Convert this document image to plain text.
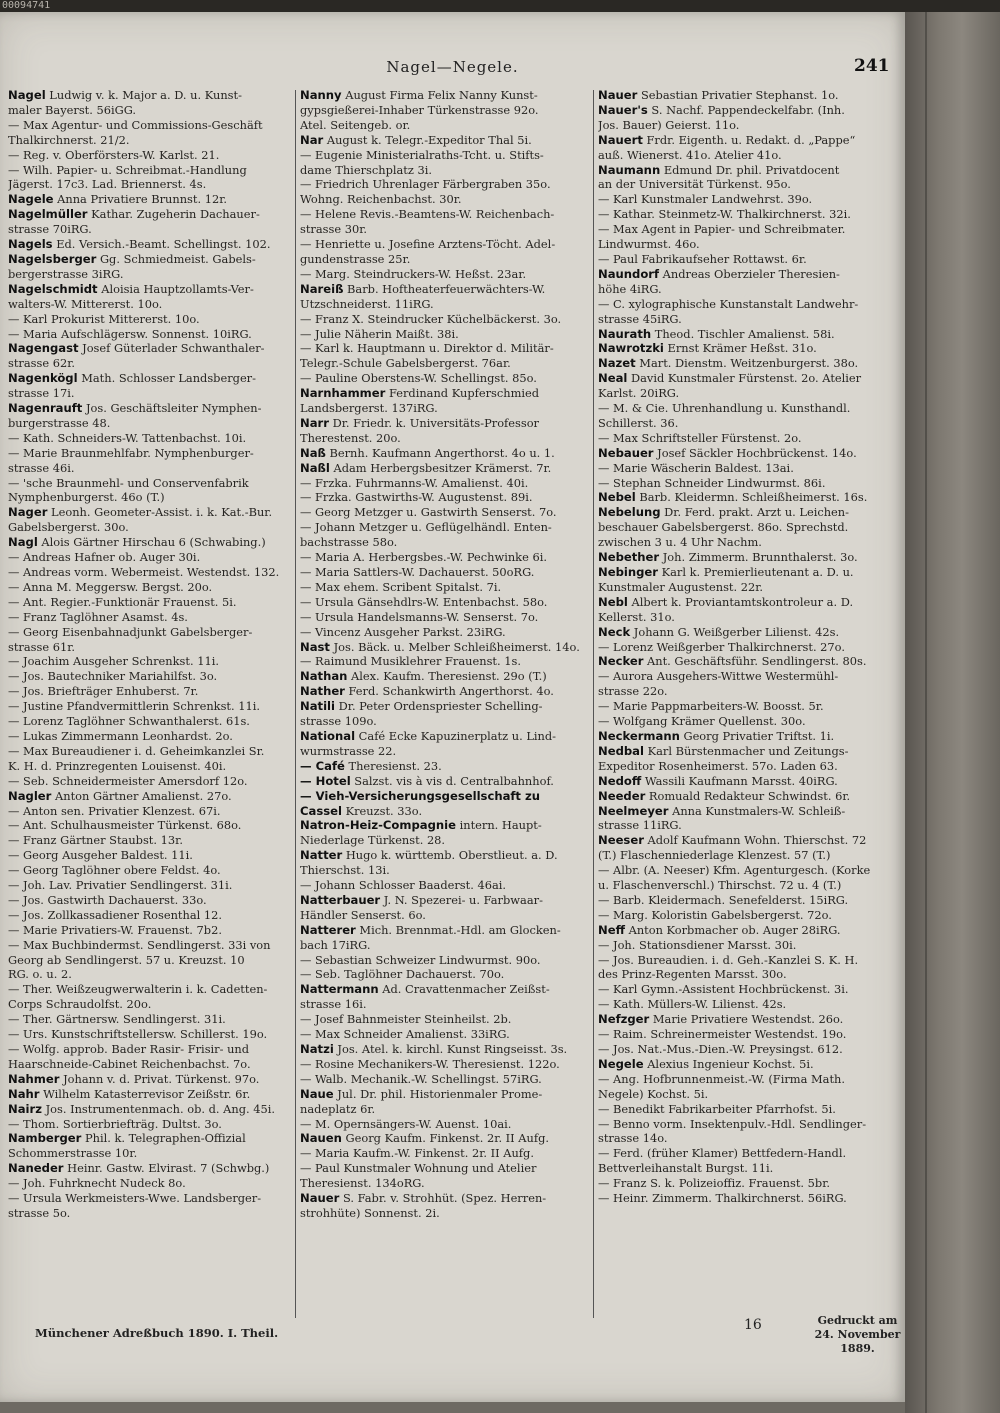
00094741
Nagel—Negele.	241
Nagel Ludwig v. k. Major a. D. u. Kunst-
maler Bayerst. 56iGG.
— Max Agentur- und Commissions-Geschäft
Thalkirchnerst. 21/2.
— Reg. v. Oberförsters-W. Karlst. 21.
— Wilh. Papier- u. Schreibmat.-Handlung
Jägerst. 17c3. Lad. Briennerst. 4s.
Nagele Anna Privatiere Brunnst. 12r.
Nagelmüller Kathar. Zugeherin Dachauer-
strasse 70iRG.
Nagels Ed. Versich.-Beamt. Schellingst. 102.
Nagelsberger Gg. Schmiedmeist. Gabels-
bergerstrasse 3iRG.
Nagelschmidt Aloisia Hauptzollamts-Ver-
walters-W. Mittererst. 10o.
— Karl Prokurist Mittererst. 10o.
— Maria Aufschlägersw. Sonnenst. 10iRG.
Nagengast Josef Güterlader Schwanthaler-
strasse 62r.
Nagenkögl Math. Schlosser Landsberger-
strasse 17i.
Nagenrauft Jos. Geschäftsleiter Nymphen-
burgerstrasse 48.
— Kath. Schneiders-W. Tattenbachst. 10i.
— Marie Braunmehlfabr. Nymphenburger-
strasse 46i.
— 'sche Braunmehl- und Conservenfabrik
Nymphenburgerst. 46o (T.)
Nager Leonh. Geometer-Assist. i. k. Kat.-Bur.
Gabelsbergerst. 30o.
Nagl Alois Gärtner Hirschau 6 (Schwabing.)
— Andreas Hafner ob. Auger 30i.
— Andreas vorm. Webermeist. Westendst. 132.
— Anna M. Meggersw. Bergst. 20o.
— Ant. Regier.-Funktionär Frauenst. 5i.
— Franz Taglöhner Asamst. 4s.
— Georg Eisenbahnadjunkt Gabelsberger-
strasse 61r.
— Joachim Ausgeher Schrenkst. 11i.
— Jos. Bautechniker Mariahilfst. 3o.
— Jos. Briefträger Enhuberst. 7r.
— Justine Pfandvermittlerin Schrenkst. 11i.
— Lorenz Taglöhner Schwanthalerst. 61s.
— Lukas Zimmermann Leonhardst. 2o.
— Max Bureaudiener i. d. Geheimkanzlei Sr.
K. H. d. Prinzregenten Louisenst. 40i.
— Seb. Schneidermeister Amersdorf 12o.
Nagler Anton Gärtner Amalienst. 27o.
— Anton sen. Privatier Klenzest. 67i.
— Ant. Schulhausmeister Türkenst. 68o.
— Franz Gärtner Staubst. 13r.
— Georg Ausgeher Baldest. 11i.
— Georg Taglöhner obere Feldst. 4o.
— Joh. Lav. Privatier Sendlingerst. 31i.
— Jos. Gastwirth Dachauerst. 33o.
— Jos. Zollkassadiener Rosenthal 12.
— Marie Privatiers-W. Frauenst. 7b2.
— Max Buchbindermst. Sendlingerst. 33i von
Georg ab Sendlingerst. 57 u. Kreuzst. 10
RG. o. u. 2.
— Ther. Weißzeugwerwalterin i. k. Cadetten-
Corps Schraudolfst. 20o.
— Ther. Gärtnersw. Sendlingerst. 31i.
— Urs. Kunstschriftstellersw. Schillerst. 19o.
— Wolfg. approb. Bader Rasir- Frisir- und
Haarschneide-Cabinet Reichenbachst. 7o.
Nahmer Johann v. d. Privat. Türkenst. 97o.
Nahr Wilhelm Katasterrevisor Zeißstr. 6r.
Nairz Jos. Instrumentenmach. ob. d. Ang. 45i.
— Thom. Sortierbriefträg. Dultst. 3o.
Namberger Phil. k. Telegraphen-Offizial
Schommerstrasse 10r.
Naneder Heinr. Gastw. Elvirast. 7 (Schwbg.)
— Joh. Fuhrknecht Nudeck 8o.
— Ursula Werkmeisters-Wwe. Landsberger-
strasse 5o.
Nanny August Firma Felix Nanny Kunst-
gypsgießerei-Inhaber Türkenstrasse 92o.
Atel. Seitengeb. or.
Nar August k. Telegr.-Expeditor Thal 5i.
— Eugenie Ministerialraths-Tcht. u. Stifts-
dame Thierschplatz 3i.
— Friedrich Uhrenlager Färbergraben 35o.
Wohng. Reichenbachst. 30r.
— Helene Revis.-Beamtens-W. Reichenbach-
strasse 30r.
— Henriette u. Josefine Arztens-Töcht. Adel-
gundenstrasse 25r.
— Marg. Steindruckers-W. Heßst. 23ar.
Nareiß Barb. Hoftheaterfeuerwächters-W.
Utzschneiderst. 11iRG.
— Franz X. Steindrucker Küchelbäckerst. 3o.
— Julie Näherin Maißt. 38i.
— Karl k. Hauptmann u. Direktor d. Militär-
Telegr.-Schule Gabelsbergerst. 76ar.
— Pauline Oberstens-W. Schellingst. 85o.
Narnhammer Ferdinand Kupferschmied
Landsbergerst. 137iRG.
Narr Dr. Friedr. k. Universitäts-Professor
Therestenst. 20o.
Naß Bernh. Kaufmann Angerthorst. 4o u. 1.
Naßl Adam Herbergsbesitzer Krämerst. 7r.
— Frzka. Fuhrmanns-W. Amalienst. 40i.
— Frzka. Gastwirths-W. Augustenst. 89i.
— Georg Metzger u. Gastwirth Senserst. 7o.
— Johann Metzger u. Geflügelhändl. Enten-
bachstrasse 58o.
— Maria A. Herbergsbes.-W. Pechwinke 6i.
— Maria Sattlers-W. Dachauerst. 50oRG.
— Max ehem. Scribent Spitalst. 7i.
— Ursula Gänsehdlrs-W. Entenbachst. 58o.
— Ursula Handelsmanns-W. Senserst. 7o.
— Vincenz Ausgeher Parkst. 23iRG.
Nast Jos. Bäck. u. Melber Schleißheimerst. 14o.
— Raimund Musiklehrer Frauenst. 1s.
Nathan Alex. Kaufm. Theresienst. 29o (T.)
Nather Ferd. Schankwirth Angerthorst. 4o.
Natili Dr. Peter Ordenspriester Schelling-
strasse 109o.
National Café Ecke Kapuzinerplatz u. Lind-
wurmstrasse 22.
— Café Theresienst. 23.
— Hotel Salzst. vis à vis d. Centralbahnhof.
— Vieh-Versicherungsgesellschaft zu
Cassel Kreuzst. 33o.
Natron-Heiz-Compagnie intern. Haupt-
Niederlage Türkenst. 28.
Natter Hugo k. württemb. Oberstlieut. a. D.
Thierschst. 13i.
— Johann Schlosser Baaderst. 46ai.
Natterbauer J. N. Spezerei- u. Farbwaar-
Händler Senserst. 6o.
Natterer Mich. Brennmat.-Hdl. am Glocken-
bach 17iRG.
— Sebastian Schweizer Lindwurmst. 90o.
— Seb. Taglöhner Dachauerst. 70o.
Nattermann Ad. Cravattenmacher Zeißst-
strasse 16i.
— Josef Bahnmeister Steinheilst. 2b.
— Max Schneider Amalienst. 33iRG.
Natzi Jos. Atel. k. kirchl. Kunst Ringseisst. 3s.
— Rosine Mechanikers-W. Theresienst. 122o.
— Walb. Mechanik.-W. Schellingst. 57iRG.
Naue Jul. Dr. phil. Historienmaler Prome-
nadeplatz 6r.
— M. Opernsängers-W. Auenst. 10ai.
Nauen Georg Kaufm. Finkenst. 2r. II Aufg.
— Maria Kaufm.-W. Finkenst. 2r. II Aufg.
— Paul Kunstmaler Wohnung und Atelier
Theresienst. 134oRG.
Nauer S. Fabr. v. Strohhüt. (Spez. Herren-
strohhüte) Sonnenst. 2i.
Nauer Sebastian Privatier Stephanst. 1o.
Nauer's S. Nachf. Pappendeckelfabr. (Inh.
Jos. Bauer) Geierst. 11o.
Nauert Frdr. Eigenth. u. Redakt. d. „Pappe“
auß. Wienerst. 41o. Atelier 41o.
Naumann Edmund Dr. phil. Privatdocent
an der Universität Türkenst. 95o.
— Karl Kunstmaler Landwehrst. 39o.
— Kathar. Steinmetz-W. Thalkirchnerst. 32i.
— Max Agent in Papier- und Schreibmater.
Lindwurmst. 46o.
— Paul Fabrikaufseher Rottawst. 6r.
Naundorf Andreas Oberzieler Theresien-
höhe 4iRG.
— C. xylographische Kunstanstalt Landwehr-
strasse 45iRG.
Naurath Theod. Tischler Amalienst. 58i.
Nawrotzki Ernst Krämer Heßst. 31o.
Nazet Mart. Dienstm. Weitzenburgerst. 38o.
Neal David Kunstmaler Fürstenst. 2o. Atelier
Karlst. 20iRG.
— M. & Cie. Uhrenhandlung u. Kunsthandl.
Schillerst. 36.
— Max Schriftsteller Fürstenst. 2o.
Nebauer Josef Säckler Hochbrückenst. 14o.
— Marie Wäscherin Baldest. 13ai.
— Stephan Schneider Lindwurmst. 86i.
Nebel Barb. Kleidermn. Schleißheimerst. 16s.
Nebelung Dr. Ferd. prakt. Arzt u. Leichen-
beschauer Gabelsbergerst. 86o. Sprechstd.
zwischen 3 u. 4 Uhr Nachm.
Nebether Joh. Zimmerm. Brunnthalerst. 3o.
Nebinger Karl k. Premierlieutenant a. D. u.
Kunstmaler Augustenst. 22r.
Nebl Albert k. Proviantamtskontroleur a. D.
Kellerst. 31o.
Neck Johann G. Weißgerber Lilienst. 42s.
— Lorenz Weißgerber Thalkirchnerst. 27o.
Necker Ant. Geschäftsführ. Sendlingerst. 80s.
— Aurora Ausgehers-Wittwe Westermühl-
strasse 22o.
— Marie Pappmarbeiters-W. Boosst. 5r.
— Wolfgang Krämer Quellenst. 30o.
Neckermann Georg Privatier Triftst. 1i.
Nedbal Karl Bürstenmacher und Zeitungs-
Expeditor Rosenheimerst. 57o. Laden 63.
Nedoff Wassili Kaufmann Marsst. 40iRG.
Needer Romuald Redakteur Schwindst. 6r.
Neelmeyer Anna Kunstmalers-W. Schleiß-
strasse 11iRG.
Neeser Adolf Kaufmann Wohn. Thierschst. 72
(T.) Flaschenniederlage Klenzest. 57 (T.)
— Albr. (A. Neeser) Kfm. Agenturgesch. (Korke
u. Flaschenverschl.) Thirschst. 72 u. 4 (T.)
— Barb. Kleidermach. Senefelderst. 15iRG.
— Marg. Koloristin Gabelsbergerst. 72o.
Neff Anton Korbmacher ob. Auger 28iRG.
— Joh. Stationsdiener Marsst. 30i.
— Jos. Bureaudien. i. d. Geh.-Kanzlei S. K. H.
des Prinz-Regenten Marsst. 30o.
— Karl Gymn.-Assistent Hochbrückenst. 3i.
— Kath. Müllers-W. Lilienst. 42s.
Nefzger Marie Privatiere Westendst. 26o.
— Raim. Schreinermeister Westendst. 19o.
— Jos. Nat.-Mus.-Dien.-W. Preysingst. 612.
Negele Alexius Ingenieur Kochst. 5i.
— Ang. Hofbrunnenmeist.-W. (Firma Math.
Negele) Kochst. 5i.
— Benedikt Fabrikarbeiter Pfarrhofst. 5i.
— Benno vorm. Insektenpulv.-Hdl. Sendlinger-
strasse 14o.
— Ferd. (früher Klamer) Bettfedern-Handl.
Bettverleihanstalt Burgst. 11i.
— Franz S. k. Polizeioffiz. Frauenst. 5br.
— Heinr. Zimmerm. Thalkirchnerst. 56iRG.
Münchener Adreßbuch 1890. I. Theil.	16	Gedruckt am
24. November 1889.
